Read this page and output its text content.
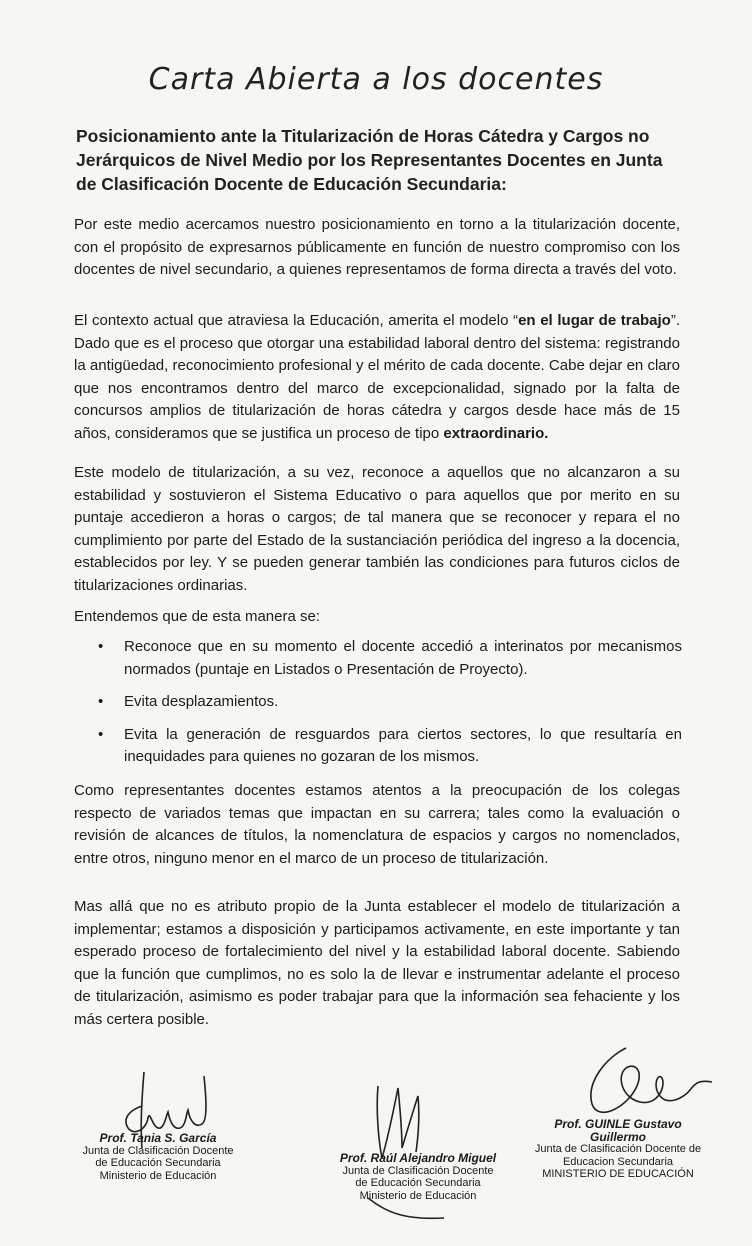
Carta Abierta a los docentes
Posicionamiento ante la Titularización de Horas Cátedra y Cargos no Jerárquicos de Nivel Medio por los Representantes Docentes en Junta de Clasificación Docente de Educación Secundaria:
Por este medio acercamos nuestro posicionamiento en torno a la titularización docente, con el propósito de expresarnos públicamente en función de nuestro compromiso con los docentes de nivel secundario, a quienes representamos de forma directa a través del voto.
El contexto actual que atraviesa la Educación, amerita el modelo “en el lugar de trabajo”. Dado que es el proceso que otorgar una estabilidad laboral dentro del sistema: registrando la antigüedad, reconocimiento profesional y el mérito de cada docente. Cabe dejar en claro que nos encontramos dentro del marco de excepcionalidad, signado por la falta de concursos amplios de titularización de horas cátedra y cargos desde hace más de 15 años, consideramos que se justifica un proceso de tipo extraordinario.
Este modelo de titularización, a su vez, reconoce a aquellos que no alcanzaron a su estabilidad y sostuvieron el Sistema Educativo o para aquellos que por merito en su puntaje accedieron a horas o cargos; de tal manera que se reconocer y repara el no cumplimiento por parte del Estado de la sustanciación periódica del ingreso a la docencia, establecidos por ley. Y se pueden generar también las condiciones para futuros ciclos de titularizaciones ordinarias.
Entendemos que de esta manera se:
• Reconoce que en su momento el docente accedió a interinatos por mecanismos normados (puntaje en Listados o Presentación de Proyecto).
• Evita desplazamientos.
• Evita la generación de resguardos para ciertos sectores, lo que resultaría en inequidades para quienes no gozaran de los mismos.
Como representantes docentes estamos atentos a la preocupación de los colegas respecto de variados temas que impactan en su carrera; tales como la evaluación o revisión de alcances de títulos, la nomenclatura de espacios y cargos no nomenclados, entre otros, ninguno menor en el marco de un proceso de titularización.
Mas allá que no es atributo propio de la Junta establecer el modelo de titularización a implementar; estamos a disposición y participamos activamente, en este importante y tan esperado proceso de fortalecimiento del nivel y la estabilidad laboral docente. Sabiendo que la función que cumplimos, no es solo la de llevar e instrumentar adelante el proceso de titularización, asimismo es poder trabajar para que la información sea fehaciente y los más certera posible.
Prof. Tania S. García
Junta de Clasificación Docente
de Educación Secundaria
Ministerio de Educación
Prof. Raúl Alejandro Miguel
Junta de Clasificación Docente
de Educación Secundaria
Ministerio de Educación
Prof. GUINLE Gustavo Guillermo
Junta de Clasificación Docente de
Educacion Secundaria
MINISTERIO DE EDUCACIÓN
